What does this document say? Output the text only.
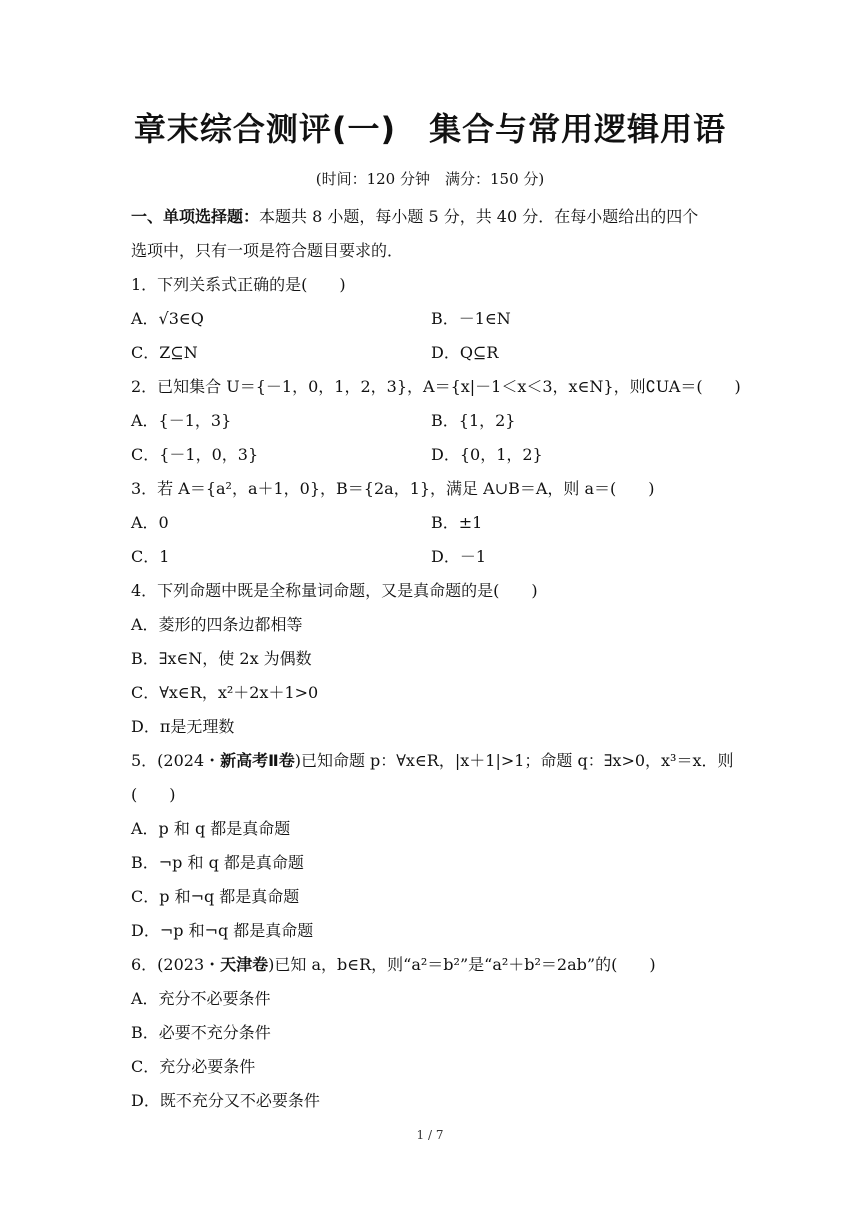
章末综合测评(一)　集合与常用逻辑用语
(时间：120 分钟　满分：150 分)
一、单项选择题：本题共 8 小题，每小题 5 分，共 40 分．在每小题给出的四个
选项中，只有一项是符合题目要求的．
1．下列关系式正确的是(　　)
A．√3∈Q	B．－1∈N
C．Z⊆N	D．Q⊆R
2．已知集合 U＝{－1，0，1，2，3}，A＝{x|－1＜x＜3，x∈N}，则∁UA＝(　　)
A．{－1，3}	B．{1，2}
C．{－1，0，3}	D．{0，1，2}
3．若 A＝{a²，a＋1，0}，B＝{2a，1}，满足 A∪B＝A，则 a＝(　　)
A．0	B．±1
C．1	D．－1
4．下列命题中既是全称量词命题，又是真命题的是(　　)
A．菱形的四条边都相等
B．∃x∈N，使 2x 为偶数
C．∀x∈R，x²＋2x＋1>0
D．π是无理数
5．(2024・新高考Ⅱ卷)已知命题 p：∀x∈R，|x＋1|>1；命题 q：∃x>0，x³＝x．则
(　　)
A．p 和 q 都是真命题
B．¬p 和 q 都是真命题
C．p 和¬q 都是真命题
D．¬p 和¬q 都是真命题
6．(2023・天津卷)已知 a，b∈R，则“a²＝b²”是“a²＋b²＝2ab”的(　　)
A．充分不必要条件
B．必要不充分条件
C．充分必要条件
D．既不充分又不必要条件
1 / 7
